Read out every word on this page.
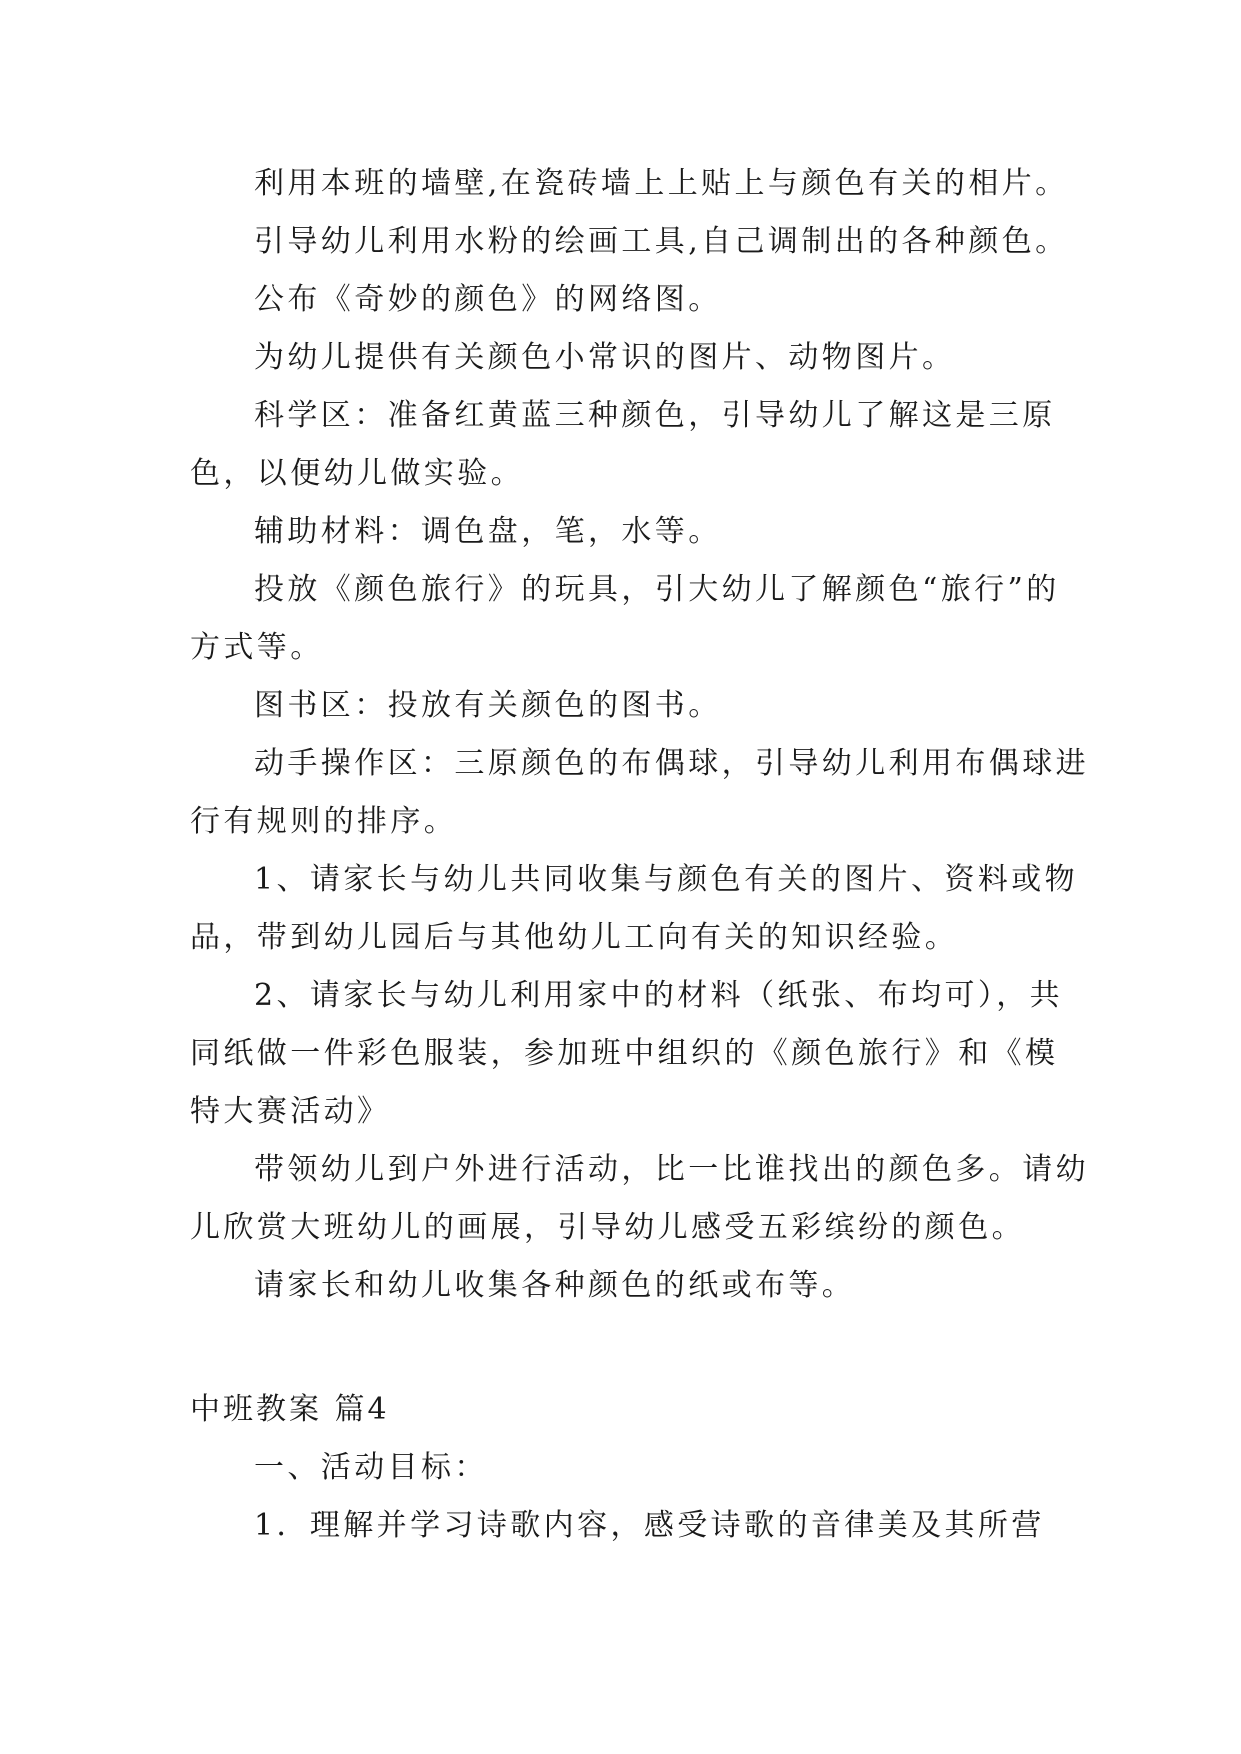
利用本班的墙壁,在瓷砖墙上上贴上与颜色有关的相片。

引导幼儿利用水粉的绘画工具,自己调制出的各种颜色。

公布《奇妙的颜色》的网络图。

为幼儿提供有关颜色小常识的图片、动物图片。

科学区：准备红黄蓝三种颜色，引导幼儿了解这是三原色，以便幼儿做实验。

辅助材料：调色盘，笔，水等。

投放《颜色旅行》的玩具，引大幼儿了解颜色“旅行”的方式等。

图书区：投放有关颜色的图书。

动手操作区：三原颜色的布偶球，引导幼儿利用布偶球进行有规则的排序。

1、请家长与幼儿共同收集与颜色有关的图片、资料或物品，带到幼儿园后与其他幼儿工向有关的知识经验。

2、请家长与幼儿利用家中的材料（纸张、布均可），共同纸做一件彩色服装，参加班中组织的《颜色旅行》和《模特大赛活动》

带领幼儿到户外进行活动，比一比谁找出的颜色多。请幼儿欣赏大班幼儿的画展，引导幼儿感受五彩缤纷的颜色。

请家长和幼儿收集各种颜色的纸或布等。

中班教案 篇4

一、活动目标：

1．理解并学习诗歌内容，感受诗歌的音律美及其所营
